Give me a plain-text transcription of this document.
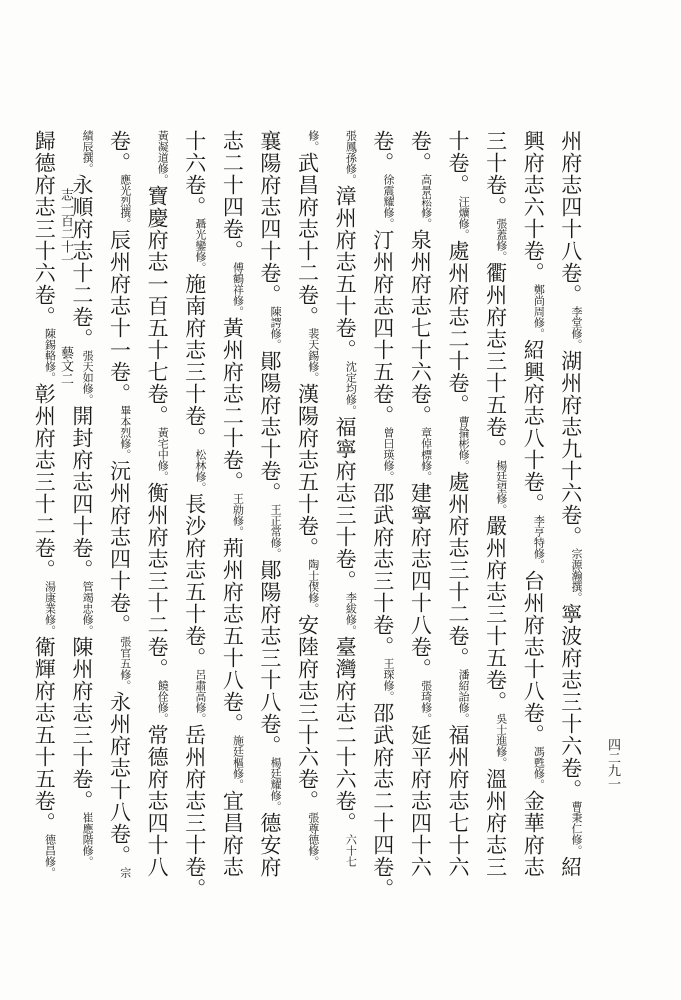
志一百二十一藝文二
州府志四十八卷。李堂修。湖州府志九十六卷。宗源瀚撰。寧波府志三十六卷。曹秉仁修。紹
興府志六十卷。鄭尚周修。紹興府志八十卷。李亨特修。台州府志十八卷。馮甦修。金華府志
三十卷。張蓋修。衢州府志三十五卷。楊廷望修。嚴州府志三十五卷。吳士進修。溫州府志三
十卷。汪爌修。處州府志二十卷。曹掄彬修。處州府志三十二卷。潘紹詒修。福州府志七十六
卷。高景崧修。泉州府志七十六卷。章倬標修。建寧府志四十八卷。張琦修。延平府志四十六
卷。徐震耀修。汀州府志四十五卷。曾曰瑛修。邵武府志三十卷。王琛修。邵武府志二十四卷。
張鳳孫修。漳州府志五十卷。沈定均修。福寧府志三十卷。李紱修。臺灣府志二十六卷。六十七
修。武昌府志十二卷。裴天錫修。漢陽府志五十卷。陶士偰修。安陸府志三十六卷。張尊德修。
襄陽府志四十卷。陳諤修。鄖陽府志十卷。王正常修。鄖陽府志三十八卷。楊廷耀修。德安府
志二十四卷。傅鶴祥修。黃州府志二十卷。王勍修。荊州府志五十八卷。施廷樞修。宜昌府志
十六卷。聶光鑾修。施南府志三十卷。松林修。長沙府志五十卷。呂肅高修。岳州府志三十卷。
黃凝道修。寶慶府志一百五十七卷。黃宅中修。衡州府志三十二卷。饒佺修。常德府志四十八
卷。應光烈撰。辰州府志十一卷。畢本烈修。沅州府志四十卷。張官五修。永州府志十八卷。宗
績辰撰。永順府志十二卷。張天如修。開封府志四十卷。管竭忠修。陳州府志三十卷。崔應階修。
歸德府志三十六卷。陳錫輅修。彰州府志三十二卷。湯康業修。衛輝府志五十五卷。德昌修。
四二九一
